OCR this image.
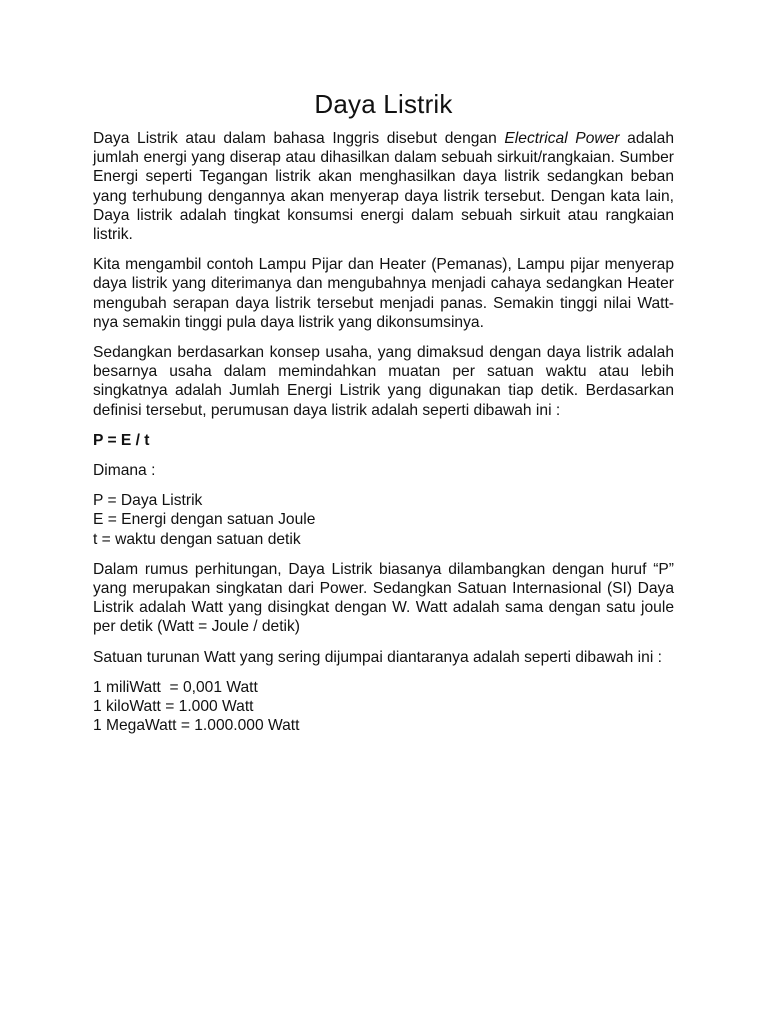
Daya Listrik

Daya Listrik atau dalam bahasa Inggris disebut dengan Electrical Power adalah jumlah energi yang diserap atau dihasilkan dalam sebuah sirkuit/rangkaian. Sumber Energi seperti Tegangan listrik akan menghasilkan daya listrik sedangkan beban yang terhubung dengannya akan menyerap daya listrik tersebut. Dengan kata lain, Daya listrik adalah tingkat konsumsi energi dalam sebuah sirkuit atau rangkaian listrik.

Kita mengambil contoh Lampu Pijar dan Heater (Pemanas), Lampu pijar menyerap daya listrik yang diterimanya dan mengubahnya menjadi cahaya sedangkan Heater mengubah serapan daya listrik tersebut menjadi panas. Semakin tinggi nilai Watt-nya semakin tinggi pula daya listrik yang dikonsumsinya.

Sedangkan berdasarkan konsep usaha, yang dimaksud dengan daya listrik adalah besarnya usaha dalam memindahkan muatan per satuan waktu atau lebih singkatnya adalah Jumlah Energi Listrik yang digunakan tiap detik. Berdasarkan definisi tersebut, perumusan daya listrik adalah seperti dibawah ini :

P = E / t

Dimana :

P = Daya Listrik
E = Energi dengan satuan Joule
t = waktu dengan satuan detik

Dalam rumus perhitungan, Daya Listrik biasanya dilambangkan dengan huruf “P” yang merupakan singkatan dari Power. Sedangkan Satuan Internasional (SI) Daya Listrik adalah Watt yang disingkat dengan W. Watt adalah sama dengan satu joule per detik (Watt = Joule / detik)

Satuan turunan Watt yang sering dijumpai diantaranya adalah seperti dibawah ini :

1 miliWatt  = 0,001 Watt
1 kiloWatt = 1.000 Watt
1 MegaWatt = 1.000.000 Watt
